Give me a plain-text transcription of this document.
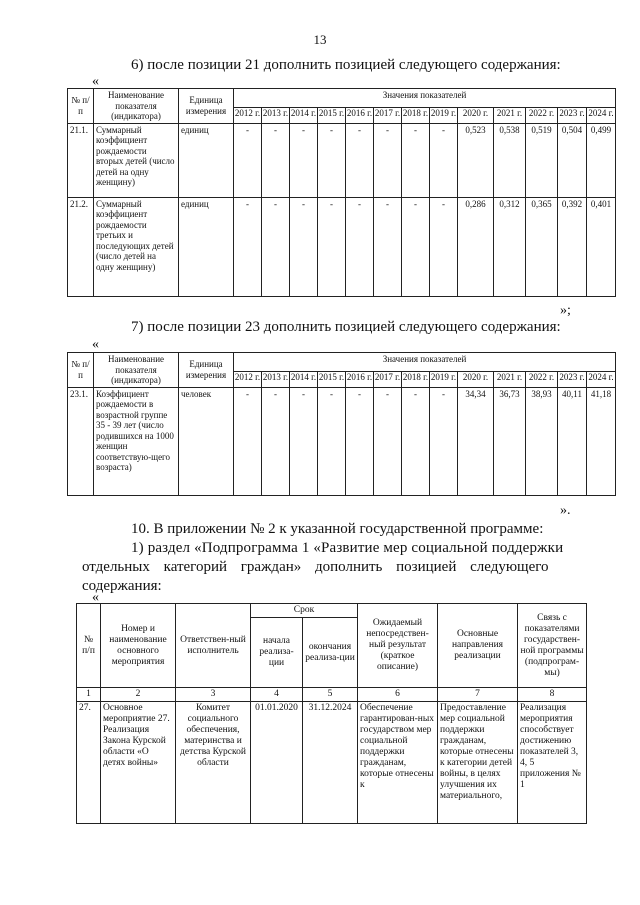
13
6) после позиции 21 дополнить позицией следующего содержания:
«
№ п/п	Наименование показателя (индикатора)	Единица измерения	Значения показателей												
			2012 г.	2013 г.	2014 г.	2015 г.	2016 г.	2017 г.	2018 г.	2019 г.	2020 г.	2021 г.	2022 г.	2023 г.	2024 г.
21.1.	Суммарный коэффициент рождаемости вторых детей (число детей на одну женщину)	единиц	-	-	-	-	-	-	-	-	0,523	0,538	0,519	0,504	0,499
21.2.	Суммарный коэффициент рождаемости третьих и последующих детей (число детей на одну женщину)	единиц	-	-	-	-	-	-	-	-	0,286	0,312	0,365	0,392	0,401
»;
7) после позиции 23 дополнить позицией следующего содержания:
«
№ п/п	Наименование показателя (индикатора)	Единица измерения	Значения показателей												
			2012 г.	2013 г.	2014 г.	2015 г.	2016 г.	2017 г.	2018 г.	2019 г.	2020 г.	2021 г.	2022 г.	2023 г.	2024 г.
23.1.	Коэффициент рождаемости в возрастной группе 35 - 39 лет (число родившихся на 1000 женщин соответствую-щего возраста)	человек	-	-	-	-	-	-	-	-	34,34	36,73	38,93	40,11	41,18
».
10. В приложении № 2 к указанной государственной программе:
1) раздел «Подпрограмма 1 «Развитие мер социальной поддержки
отдельных категорий граждан» дополнить позицией следующего
содержания:
«
№ п/п	Номер и наименование основного мероприятия	Ответствен-ный исполнитель	Срок		Ожидаемый непосредствен-ный результат (краткое описание)	Основные направления реализации	Связь с показателями государствен-ной программы (подпрограм-мы)
			начала реализа-ции	окончания реализа-ции			
1	2	3	4	5	6	7	8
27.	Основное мероприятие 27. Реализация Закона Курской области «О детях войны»	Комитет социального обеспечения, материнства и детства Курской области	01.01.2020	31.12.2024	Обеспечение гарантирован-ных государством мер социальной поддержки гражданам, которые отнесены к	Предоставление мер социальной поддержки гражданам, которые отнесены к категории детей войны, в целях улучшения их материального,	Реализация мероприятия способствует достижению показателей 3, 4, 5 приложения № 1
